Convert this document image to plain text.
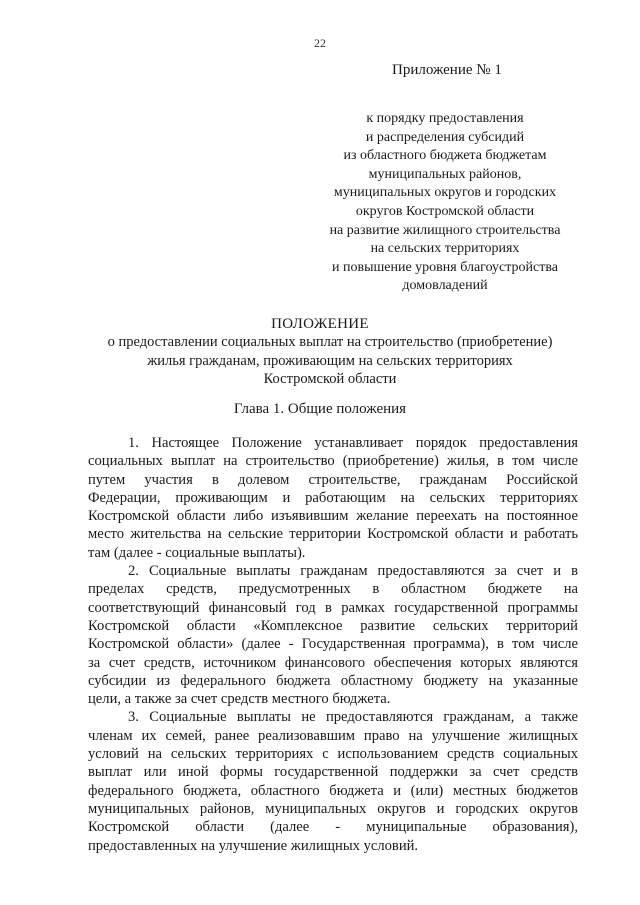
22
Приложение № 1
к порядку предоставления
и распределения субсидий
из областного бюджета бюджетам
муниципальных районов,
муниципальных округов и городских
округов Костромской области
на развитие жилищного строительства
на сельских территориях
и повышение уровня благоустройства
домовладений
ПОЛОЖЕНИЕ
о предоставлении социальных выплат на строительство (приобретение)
жилья гражданам, проживающим на сельских территориях
Костромской области
Глава 1. Общие положения
1. Настоящее Положение устанавливает порядок предоставления
социальных выплат на строительство (приобретение) жилья, в том числе
путем участия в долевом строительстве, гражданам Российской
Федерации, проживающим и работающим на сельских территориях
Костромской области либо изъявившим желание переехать на постоянное
место жительства на сельские территории Костромской области и работать
там (далее - социальные выплаты).
2. Социальные выплаты гражданам предоставляются за счет и в
пределах средств, предусмотренных в областном бюджете на
соответствующий финансовый год в рамках государственной программы
Костромской области «Комплексное развитие сельских территорий
Костромской области» (далее - Государственная программа), в том числе
за счет средств, источником финансового обеспечения которых являются
субсидии из федерального бюджета областному бюджету на указанные
цели, а также за счет средств местного бюджета.
3. Социальные выплаты не предоставляются гражданам, а также
членам их семей, ранее реализовавшим право на улучшение жилищных
условий на сельских территориях с использованием средств социальных
выплат или иной формы государственной поддержки за счет средств
федерального бюджета, областного бюджета и (или) местных бюджетов
муниципальных районов, муниципальных округов и городских округов
Костромской области (далее - муниципальные образования),
предоставленных на улучшение жилищных условий.
